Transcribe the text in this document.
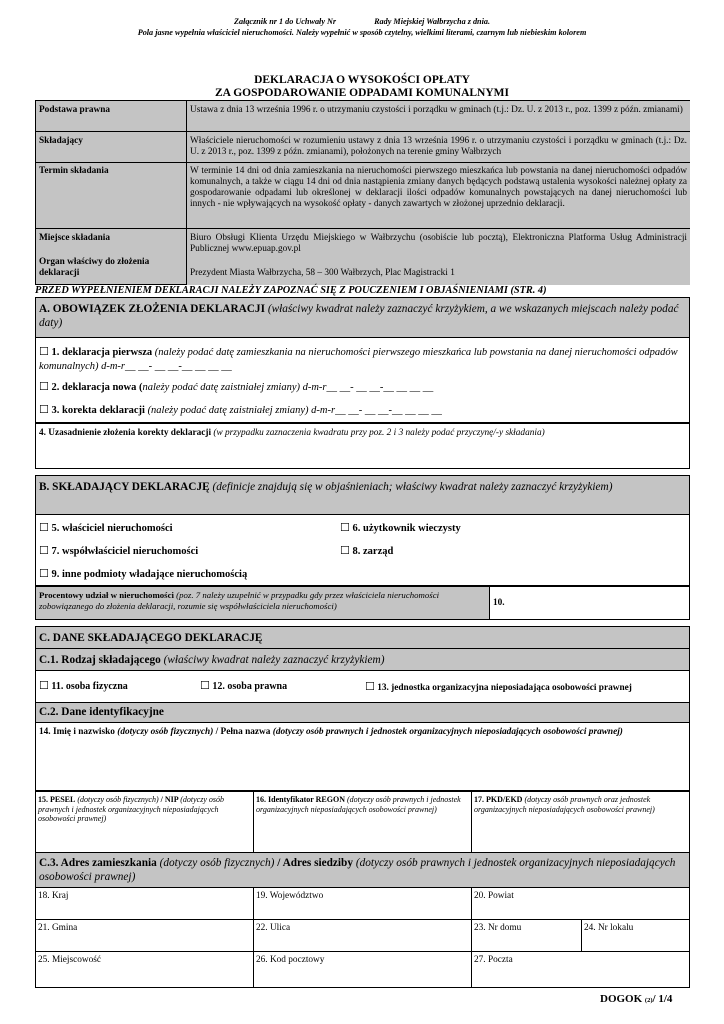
Załącznik nr 1 do Uchwały Nr	Rady Miejskiej Wałbrzycha z dnia.
Pola jasne wypełnia właściciel nieruchomości. Należy wypełnić w sposób czytelny, wielkimi literami, czarnym lub niebieskim kolorem
DEKLARACJA O WYSOKOŚCI OPŁATY
ZA GOSPODAROWANIE ODPADAMI KOMUNALNYMI
Podstawa prawna	Ustawa z dnia 13 września 1996 r. o utrzymaniu czystości i porządku w gminach (t.j.: Dz. U. z 2013 r., poz. 1399 z późn. zmianami)
Składający	Właściciele nieruchomości w rozumieniu ustawy z dnia 13 września 1996 r. o utrzymaniu czystości i porządku w gminach (t.j.: Dz. U. z 2013 r., poz. 1399 z późn. zmianami), położonych na terenie gminy Wałbrzych
Termin składania	W terminie 14 dni od dnia zamieszkania na nieruchomości pierwszego mieszkańca lub powstania na danej nieruchomości odpadów komunalnych, a także w ciągu 14 dni od dnia nastąpienia zmiany danych będących podstawą ustalenia wysokości należnej opłaty za gospodarowanie odpadami lub określonej w deklaracji ilości odpadów komunalnych powstających na danej nieruchomości lub innych - nie wpływających na wysokość opłaty - danych zawartych w złożonej uprzednio deklaracji.
Miejsce składania	Biuro Obsługi Klienta Urzędu Miejskiego w Wałbrzychu (osobiście lub pocztą), Elektroniczna Platforma Usług Administracji Publicznej www.epuap.gov.pl
Organ właściwy do złożenia deklaracji	Prezydent Miasta Wałbrzycha, 58 – 300 Wałbrzych, Plac Magistracki 1
PRZED WYPEŁNIENIEM DEKLARACJI NALEŻY ZAPOZNAĆ SIĘ Z POUCZENIEM I OBJAŚNIENIAMI (STR. 4)
A. OBOWIĄZEK ZŁOŻENIA DEKLARACJI (właściwy kwadrat należy zaznaczyć krzyżykiem, a we wskazanych miejscach należy podać daty)
☐ 1. deklaracja pierwsza (należy podać datę zamieszkania na nieruchomości pierwszego mieszkańca lub powstania na danej nieruchomości odpadów komunalnych) d-m-r__ __- __ __-__ __ __ __
☐ 2. deklaracja nowa (należy podać datę zaistniałej zmiany) d-m-r__ __- __ __-__ __ __ __
☐ 3. korekta deklaracji (należy podać datę zaistniałej zmiany) d-m-r__ __- __ __-__ __ __ __
4. Uzasadnienie złożenia korekty deklaracji (w przypadku zaznaczenia kwadratu przy poz. 2 i 3 należy podać przyczynę/-y składania)
B. SKŁADAJĄCY DEKLARACJĘ (definicje znajdują się w objaśnieniach; właściwy kwadrat należy zaznaczyć krzyżykiem)
☐ 5. właściciel nieruchomości	☐ 6. użytkownik wieczysty
☐ 7. współwłaściciel nieruchomości	☐ 8. zarząd
☐ 9. inne podmioty władające nieruchomością
Procentowy udział w nieruchomości (poz. 7 należy uzupełnić w przypadku gdy przez właściciela nieruchomości zobowiązanego do złożenia deklaracji, rozumie się współwłaściciela nieruchomości)	10.
C. DANE SKŁADAJĄCEGO DEKLARACJĘ
C.1. Rodzaj składającego (właściwy kwadrat należy zaznaczyć krzyżykiem)
☐ 11. osoba fizyczna	☐ 12. osoba prawna	☐ 13. jednostka organizacyjna nieposiadająca osobowości prawnej
C.2. Dane identyfikacyjne
14. Imię i nazwisko (dotyczy osób fizycznych) / Pełna nazwa (dotyczy osób prawnych i jednostek organizacyjnych nieposiadających osobowości prawnej)
15. PESEL (dotyczy osób fizycznych) / NIP (dotyczy osób prawnych i jednostek organizacyjnych nieposiadających osobowości prawnej)
16. Identyfikator REGON (dotyczy osób prawnych i jednostek organizacyjnych nieposiadających osobowości prawnej)
17. PKD/EKD (dotyczy osób prawnych oraz jednostek organizacyjnych nieposiadających osobowości prawnej)
C.3. Adres zamieszkania (dotyczy osób fizycznych) / Adres siedziby (dotyczy osób prawnych i jednostek organizacyjnych nieposiadających osobowości prawnej)
18. Kraj	19. Województwo	20. Powiat
21. Gmina	22. Ulica	23. Nr domu	24. Nr lokalu
25. Miejscowość	26. Kod pocztowy	27. Poczta
DOGOK (2)/ 1/4
